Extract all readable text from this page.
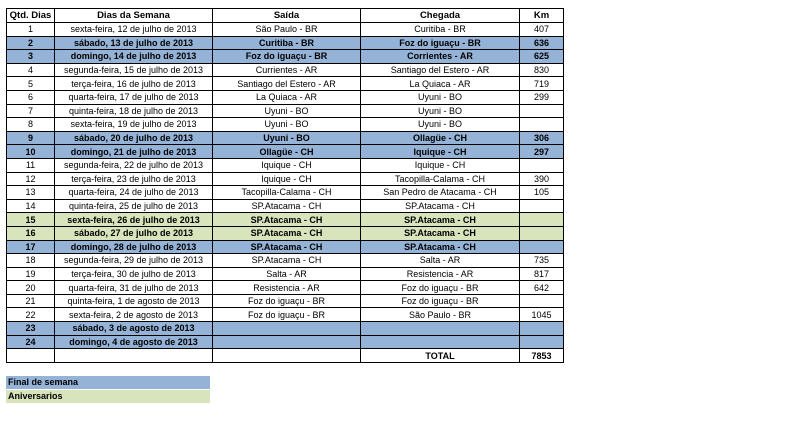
Qtd. Dias	Dias da Semana	Saída	Chegada	Km
1	sexta-feira, 12 de julho de 2013	São Paulo - BR	Curitiba - BR	407
2	sábado, 13 de julho de 2013	Curitiba - BR	Foz do iguaçu - BR	636
3	domingo, 14 de julho de 2013	Foz do iguaçu - BR	Corrientes - AR	625
4	segunda-feira, 15 de julho de 2013	Currientes - AR	Santiago del Estero - AR	830
5	terça-feira, 16 de julho de 2013	Santiago del Estero - AR	La Quiaca - AR	719
6	quarta-feira, 17 de julho de 2013	La Quiaca - AR	Uyuni - BO	299
7	quinta-feira, 18 de julho de 2013	Uyuni - BO	Uyuni - BO	
8	sexta-feira, 19 de julho de 2013	Uyuni - BO	Uyuni - BO	
9	sábado, 20 de julho de 2013	Uyuni - BO	Ollagüe - CH	306
10	domingo, 21 de julho de 2013	Ollagüe - CH	Iquique - CH	297
11	segunda-feira, 22 de julho de 2013	Iquique - CH	Iquique - CH	
12	terça-feira, 23 de julho de 2013	Iquique - CH	Tacopilla-Calama - CH	390
13	quarta-feira, 24 de julho de 2013	Tacopilla-Calama - CH	San Pedro de Atacama - CH	105
14	quinta-feira, 25 de julho de 2013	SP.Atacama - CH	SP.Atacama - CH	
15	sexta-feira, 26 de julho de 2013	SP.Atacama - CH	SP.Atacama - CH	
16	sábado, 27 de julho de 2013	SP.Atacama - CH	SP.Atacama - CH	
17	domingo, 28 de julho de 2013	SP.Atacama - CH	SP.Atacama - CH	
18	segunda-feira, 29 de julho de 2013	SP.Atacama - CH	Salta - AR	735
19	terça-feira, 30 de julho de 2013	Salta - AR	Resistencia - AR	817
20	quarta-feira, 31 de julho de 2013	Resistencia - AR	Foz do iguaçu - BR	642
21	quinta-feira, 1 de agosto de 2013	Foz do iguaçu - BR	Foz do iguaçu - BR	
22	sexta-feira, 2 de agosto de 2013	Foz do iguaçu - BR	São Paulo - BR	1045
23	sábado, 3 de agosto de 2013			
24	domingo, 4 de agosto de 2013			
			TOTAL	7853
Final de semana
Aniversarios
